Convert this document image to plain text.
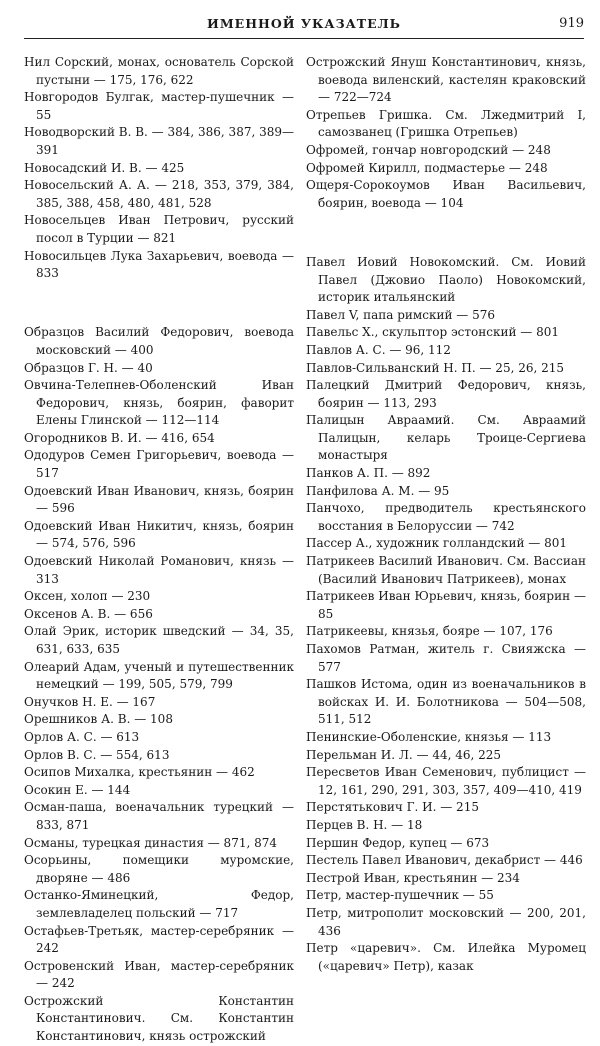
ИМЕННОЙ УКАЗАТЕЛЬ	919

Нил Сорский, монах, основатель Сорской пустыни — 175, 176, 622

Новгородов Булгак, мастер-пушечник — 55

Новодворский В. В. — 384, 386, 387, 389—391

Новосадский И. В. — 425

Новосельский А. А. — 218, 353, 379, 384, 385, 388, 458, 480, 481, 528

Новосельцев Иван Петрович, русский посол в Турции — 821

Новосильцев Лука Захарьевич, воевода — 833

Образцов Василий Федорович, воевода московский — 400

Образцов Г. Н. — 40

Овчина-Телепнев-Оболенский Иван Федорович, князь, боярин, фаворит Елены Глинской — 112—114

Огородников В. И. — 416, 654

Ододуров Семен Григорьевич, воевода — 517

Одоевский Иван Иванович, князь, боярин — 596

Одоевский Иван Никитич, князь, боярин — 574, 576, 596

Одоевский Николай Романович, князь — 313

Оксен, холоп — 230

Оксенов А. В. — 656

Олай Эрик, историк шведский — 34, 35, 631, 633, 635

Олеарий Адам, ученый и путешественник немецкий — 199, 505, 579, 799

Онучков Н. Е. — 167

Орешников А. В. — 108

Орлов А. С. — 613

Орлов В. С. — 554, 613

Осипов Михалка, крестьянин — 462

Осокин Е. — 144

Осман-паша, военачальник турецкий — 833, 871

Османы, турецкая династия — 871, 874

Осорьины, помещики муромские, дворяне — 486

Останко-Яминецкий, Федор, землевладелец польский — 717

Остафьев-Третьяк, мастер-серебряник — 242

Островенский Иван, мастер-серебряник — 242

Острожский Константин Константинович. См. Константин Константинович, князь острожский

Острожский Януш Константинович, князь, воевода виленский, кастелян краковский — 722—724

Отрепьев Гришка. См. Лжедмитрий I, самозванец (Гришка Отрепьев)

Офромей, гончар новгородский — 248

Офромей Кирилл, подмастерье — 248

Ощеря-Сорокоумов Иван Васильевич, боярин, воевода — 104

Павел Иовий Новокомский. См. Иовий Павел (Джовио Паоло) Новокомский, историк итальянский

Павел V, папа римский — 576

Павельс Х., скульптор эстонский — 801

Павлов А. С. — 96, 112

Павлов-Сильванский Н. П. — 25, 26, 215

Палецкий Дмитрий Федорович, князь, боярин — 113, 293

Палицын Авраамий. См. Авраамий Палицын, келарь Троице-Сергиева монастыря

Панков А. П. — 892

Панфилова А. М. — 95

Панчохо, предводитель крестьянского восстания в Белоруссии — 742

Пассер А., художник голландский — 801

Патрикеев Василий Иванович. См. Вассиан (Василий Иванович Патрикеев), монах

Патрикеев Иван Юрьевич, князь, боярин — 85

Патрикеевы, князья, бояре — 107, 176

Пахомов Ратман, житель г. Свияжска — 577

Пашков Истома, один из военачальников в войсках И. И. Болотникова — 504—508, 511, 512

Пенинские-Оболенские, князья — 113

Перельман И. Л. — 44, 46, 225

Пересветов Иван Семенович, публицист — 12, 161, 290, 291, 303, 357, 409—410, 419

Перстятькович Г. И. — 215

Перцев В. Н. — 18

Першин Федор, купец — 673

Пестель Павел Иванович, декабрист — 446

Пестрой Иван, крестьянин — 234

Петр, мастер-пушечник — 55

Петр, митрополит московский — 200, 201, 436

Петр «царевич». См. Илейка Муромец («царевич» Петр), казак
